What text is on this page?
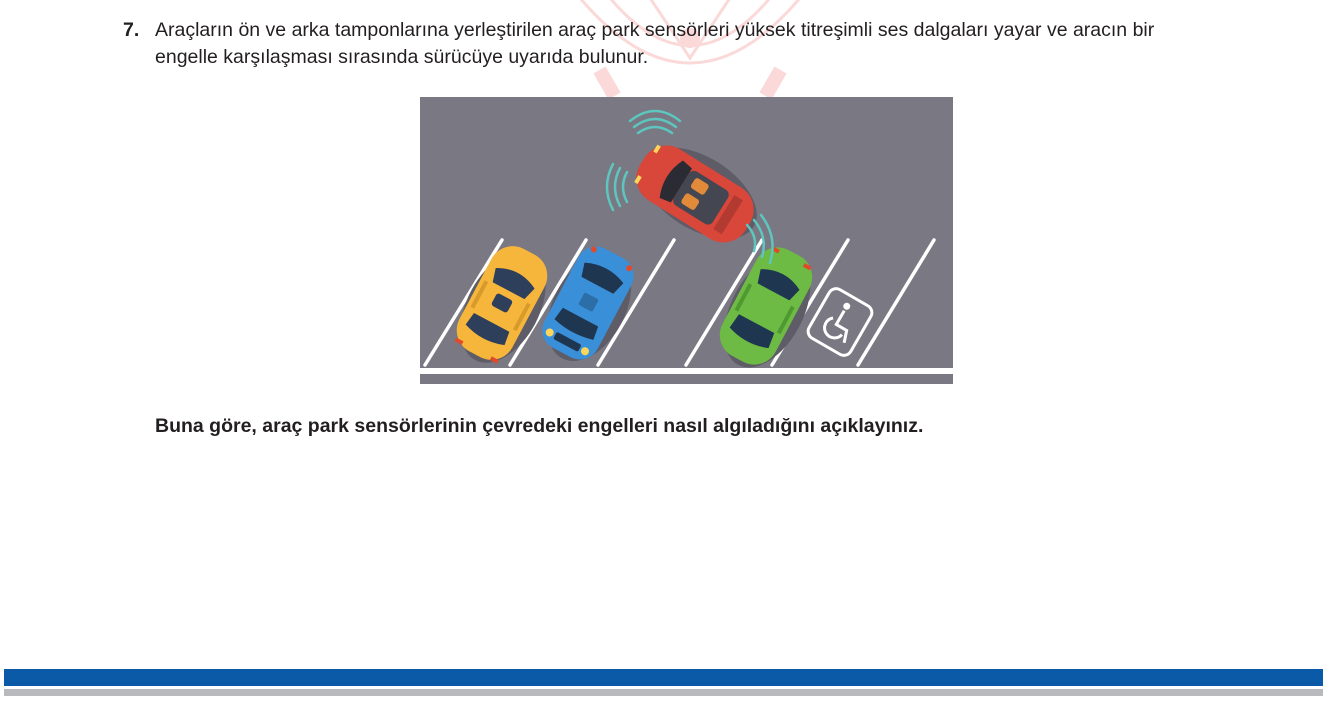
7. Araçların ön ve arka tamponlarına yerleştirilen araç park sensörleri yüksek titreşimli ses dalgaları yayar ve aracın bir engelle karşılaşması sırasında sürücüye uyarıda bulunur.
Buna göre, araç park sensörlerinin çevredeki engelleri nasıl algıladığını açıklayınız.
